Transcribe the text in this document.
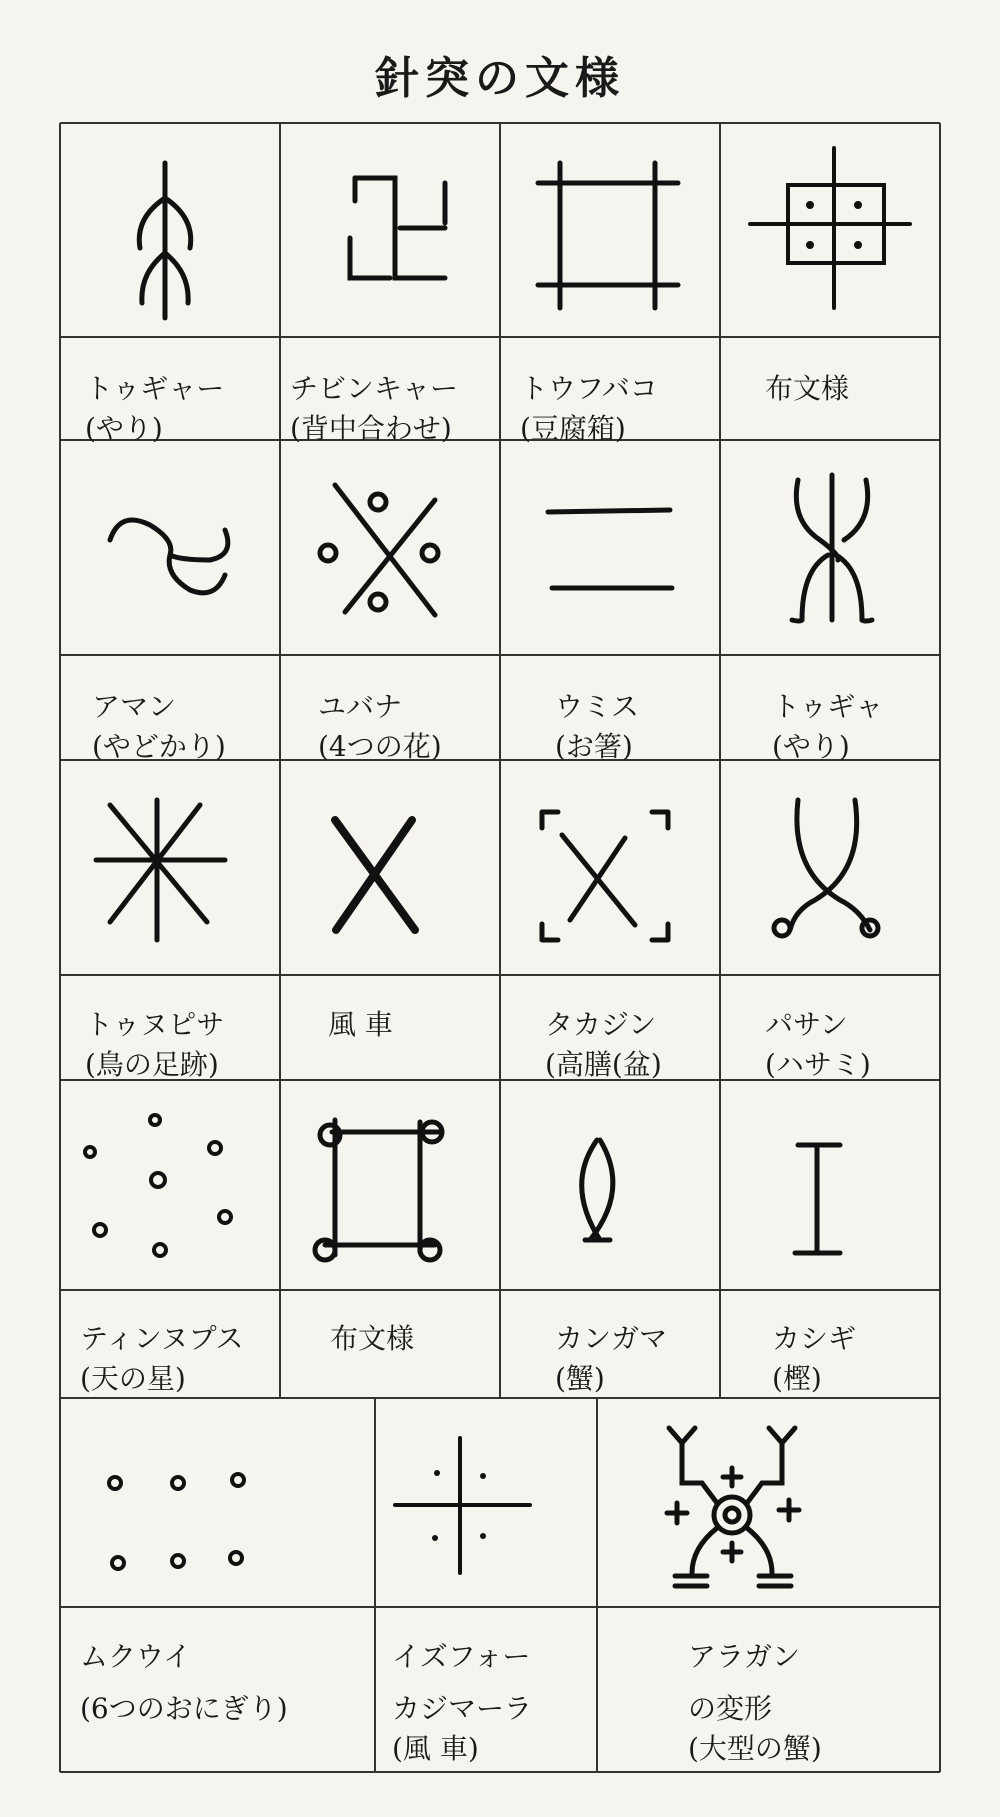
針突の文様
トゥギャー
(やり)
チビンキャー
(背中合わせ)
トウフバコ
(豆腐箱)
布文様
アマン
(やどかり)
ユバナ
(4つの花)
ウミス
(お箸)
トゥギャ
(やり)
トゥヌピサ
(鳥の足跡)
風 車	タカジン
(高膳(盆)
パサン
(ハサミ)
ティンヌプス
(天の星)
布文様	カンガマ
(蟹)
カシギ
(樫)
ムクウイ
(6つのおにぎり)
イズフォー
カジマーラ
(風 車)
アラガン
の変形
(大型の蟹)
